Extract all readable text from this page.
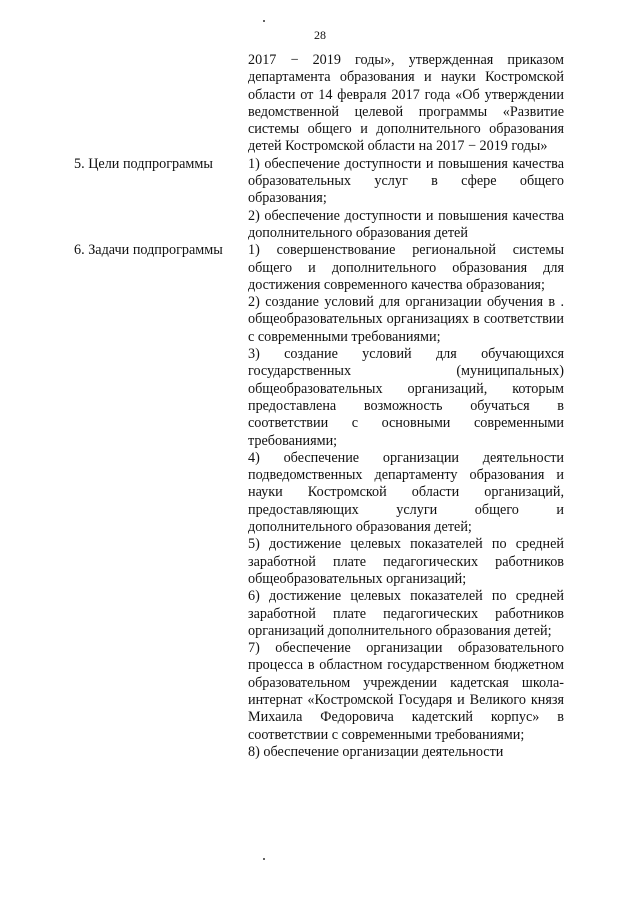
28
2017 − 2019 годы», утвержденная приказом департамента образования и науки Костромской области от 14 февраля 2017 года «Об утверждении ведомственной целевой программы «Развитие системы общего и дополнительного образования детей Костромской области на 2017 − 2019 годы»
5. Цели подпрограммы 1) обеспечение доступности и повышения качества образовательных услуг в сфере общего образования;
2) обеспечение доступности и повышения качества дополнительного образования детей
6. Задачи подпрограммы 1) совершенствование региональной системы общего и дополнительного образования для достижения современного качества образования;
2) создание условий для организации обучения в . общеобразовательных организациях в соответствии с современными требованиями;
3) создание условий для обучающихся государственных (муниципальных) общеобразовательных организаций, которым предоставлена возможность обучаться в соответствии с основными современными требованиями;
4) обеспечение организации деятельности подведомственных департаменту образования и науки Костромской области организаций, предоставляющих услуги общего и дополнительного образования детей;
5) достижение целевых показателей по средней заработной плате педагогических работников общеобразовательных организаций;
6) достижение целевых показателей по средней заработной плате педагогических работников организаций дополнительного образования детей;
7) обеспечение организации образовательного процесса в областном государственном бюджетном образовательном учреждении кадетская школа-интернат «Костромской Государя и Великого князя Михаила Федоровича кадетский корпус» в соответствии с современными требованиями;
8) обеспечение организации деятельности
